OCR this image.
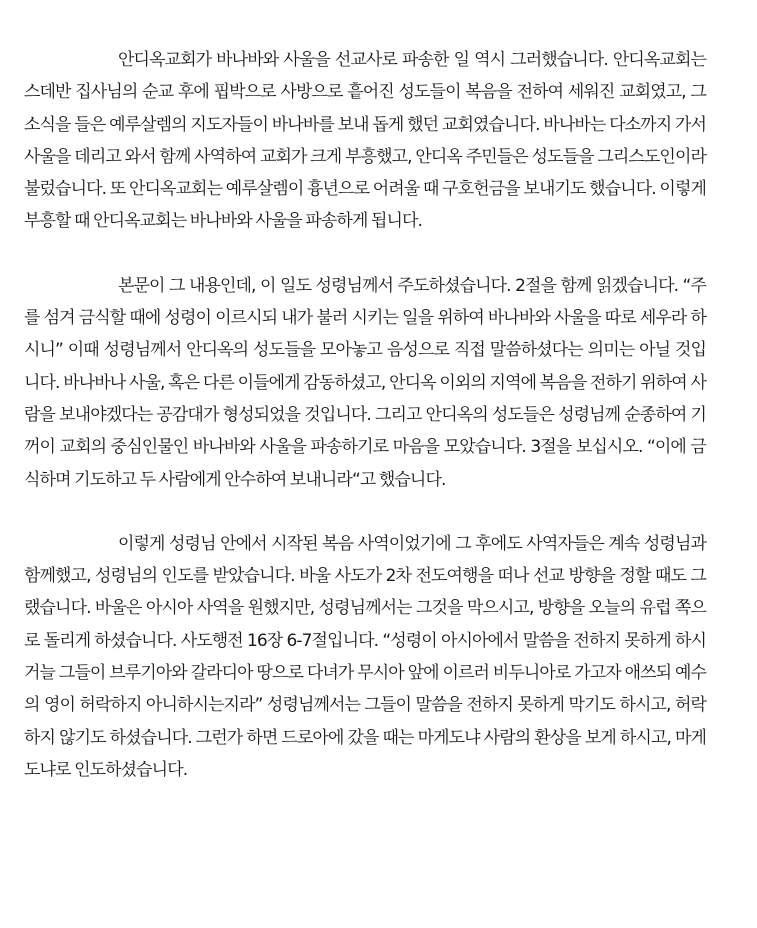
안디옥교회가 바나바와 사울을 선교사로 파송한 일 역시 그러했습니다. 안디옥교회는 스데반 집사님의 순교 후에 핍박으로 사방으로 흩어진 성도들이 복음을 전하여 세워진 교회였고, 그 소식을 들은 예루살렘의 지도자들이 바나바를 보내 돕게 했던 교회였습니다. 바나바는 다소까지 가서 사울을 데리고 와서 함께 사역하여 교회가 크게 부흥했고, 안디옥 주민들은 성도들을 그리스도인이라 불렀습니다. 또 안디옥교회는 예루살렘이 흉년으로 어려울 때 구호헌금을 보내기도 했습니다. 이렇게 부흥할 때 안디옥교회는 바나바와 사울을 파송하게 됩니다.

본문이 그 내용인데, 이 일도 성령님께서 주도하셨습니다. 2절을 함께 읽겠습니다. “주를 섬겨 금식할 때에 성령이 이르시되 내가 불러 시키는 일을 위하여 바나바와 사울을 따로 세우라 하시니” 이때 성령님께서 안디옥의 성도들을 모아놓고 음성으로 직접 말씀하셨다는 의미는 아닐 것입니다. 바나바나 사울, 혹은 다른 이들에게 감동하셨고, 안디옥 이외의 지역에 복음을 전하기 위하여 사람을 보내야겠다는 공감대가 형성되었을 것입니다. 그리고 안디옥의 성도들은 성령님께 순종하여 기꺼이 교회의 중심인물인 바나바와 사울을 파송하기로 마음을 모았습니다. 3절을 보십시오. “이에 금식하며 기도하고 두 사람에게 안수하여 보내니라“고 했습니다.

이렇게 성령님 안에서 시작된 복음 사역이었기에 그 후에도 사역자들은 계속 성령님과 함께했고, 성령님의 인도를 받았습니다. 바울 사도가 2차 전도여행을 떠나 선교 방향을 정할 때도 그랬습니다. 바울은 아시아 사역을 원했지만, 성령님께서는 그것을 막으시고, 방향을 오늘의 유럽 쪽으로 돌리게 하셨습니다. 사도행전 16장 6-7절입니다. “성령이 아시아에서 말씀을 전하지 못하게 하시거늘 그들이 브루기아와 갈라디아 땅으로 다녀가 무시아 앞에 이르러 비두니아로 가고자 애쓰되 예수의 영이 허락하지 아니하시는지라” 성령님께서는 그들이 말씀을 전하지 못하게 막기도 하시고, 허락하지 않기도 하셨습니다. 그런가 하면 드로아에 갔을 때는 마게도냐 사람의 환상을 보게 하시고, 마게도냐로 인도하셨습니다.
